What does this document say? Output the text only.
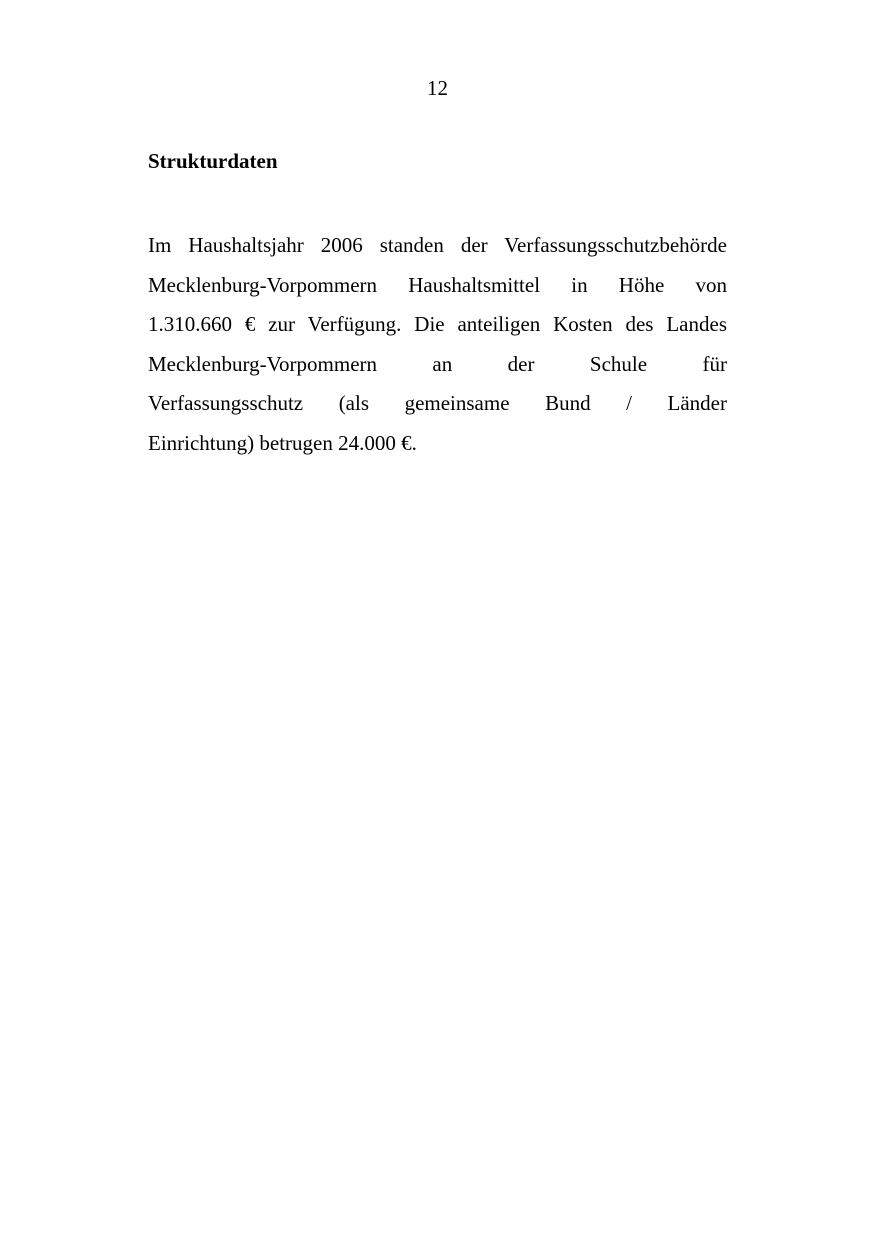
12
Strukturdaten

Im Haushaltsjahr 2006 standen der Verfassungsschutzbehörde
Mecklenburg-Vorpommern Haushaltsmittel in Höhe von
1.310.660 € zur Verfügung. Die anteiligen Kosten des Landes
Mecklenburg-Vorpommern an der Schule für
Verfassungsschutz (als gemeinsame Bund / Länder
Einrichtung) betrugen 24.000 €.
